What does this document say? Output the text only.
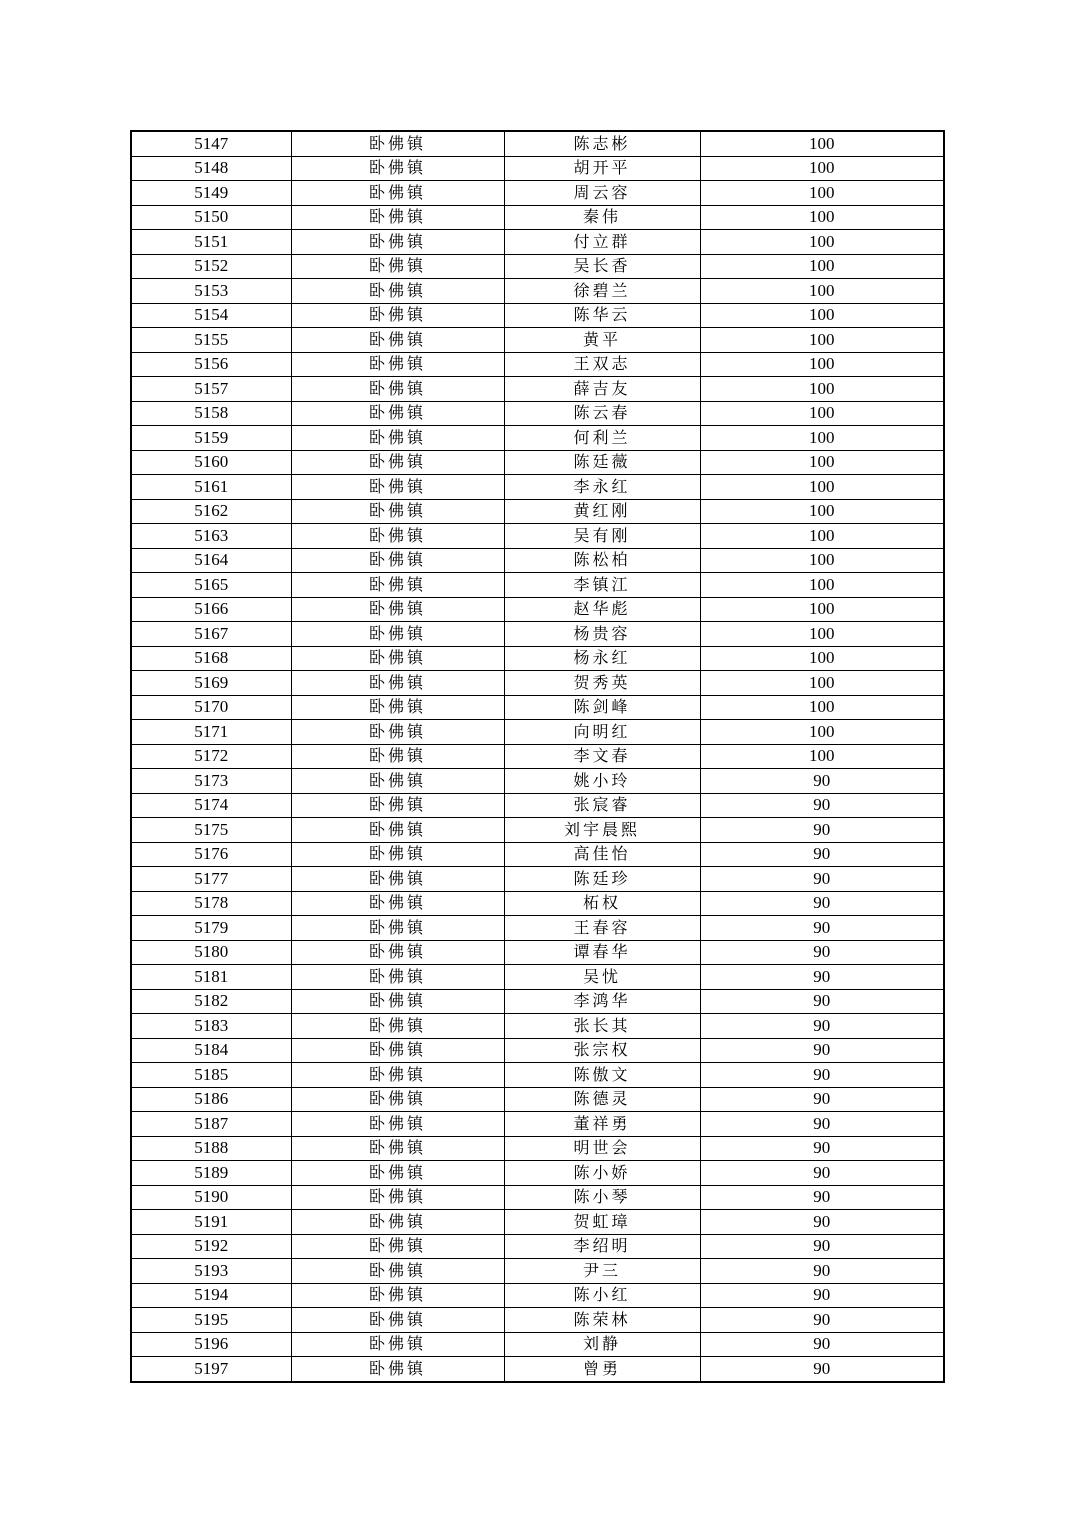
5147	卧佛镇	陈志彬	100
5148	卧佛镇	胡开平	100
5149	卧佛镇	周云容	100
5150	卧佛镇	秦伟	100
5151	卧佛镇	付立群	100
5152	卧佛镇	吴长香	100
5153	卧佛镇	徐碧兰	100
5154	卧佛镇	陈华云	100
5155	卧佛镇	黄平	100
5156	卧佛镇	王双志	100
5157	卧佛镇	薛吉友	100
5158	卧佛镇	陈云春	100
5159	卧佛镇	何利兰	100
5160	卧佛镇	陈廷薇	100
5161	卧佛镇	李永红	100
5162	卧佛镇	黄红刚	100
5163	卧佛镇	吴有刚	100
5164	卧佛镇	陈松柏	100
5165	卧佛镇	李镇江	100
5166	卧佛镇	赵华彪	100
5167	卧佛镇	杨贵容	100
5168	卧佛镇	杨永红	100
5169	卧佛镇	贺秀英	100
5170	卧佛镇	陈剑峰	100
5171	卧佛镇	向明红	100
5172	卧佛镇	李文春	100
5173	卧佛镇	姚小玲	90
5174	卧佛镇	张宸睿	90
5175	卧佛镇	刘宇晨熙	90
5176	卧佛镇	高佳怡	90
5177	卧佛镇	陈廷珍	90
5178	卧佛镇	柘权	90
5179	卧佛镇	王春容	90
5180	卧佛镇	谭春华	90
5181	卧佛镇	吴忧	90
5182	卧佛镇	李鸿华	90
5183	卧佛镇	张长其	90
5184	卧佛镇	张宗权	90
5185	卧佛镇	陈傲文	90
5186	卧佛镇	陈德灵	90
5187	卧佛镇	董祥勇	90
5188	卧佛镇	明世会	90
5189	卧佛镇	陈小娇	90
5190	卧佛镇	陈小琴	90
5191	卧佛镇	贺虹璋	90
5192	卧佛镇	李绍明	90
5193	卧佛镇	尹三	90
5194	卧佛镇	陈小红	90
5195	卧佛镇	陈荣林	90
5196	卧佛镇	刘静	90
5197	卧佛镇	曾勇	90
